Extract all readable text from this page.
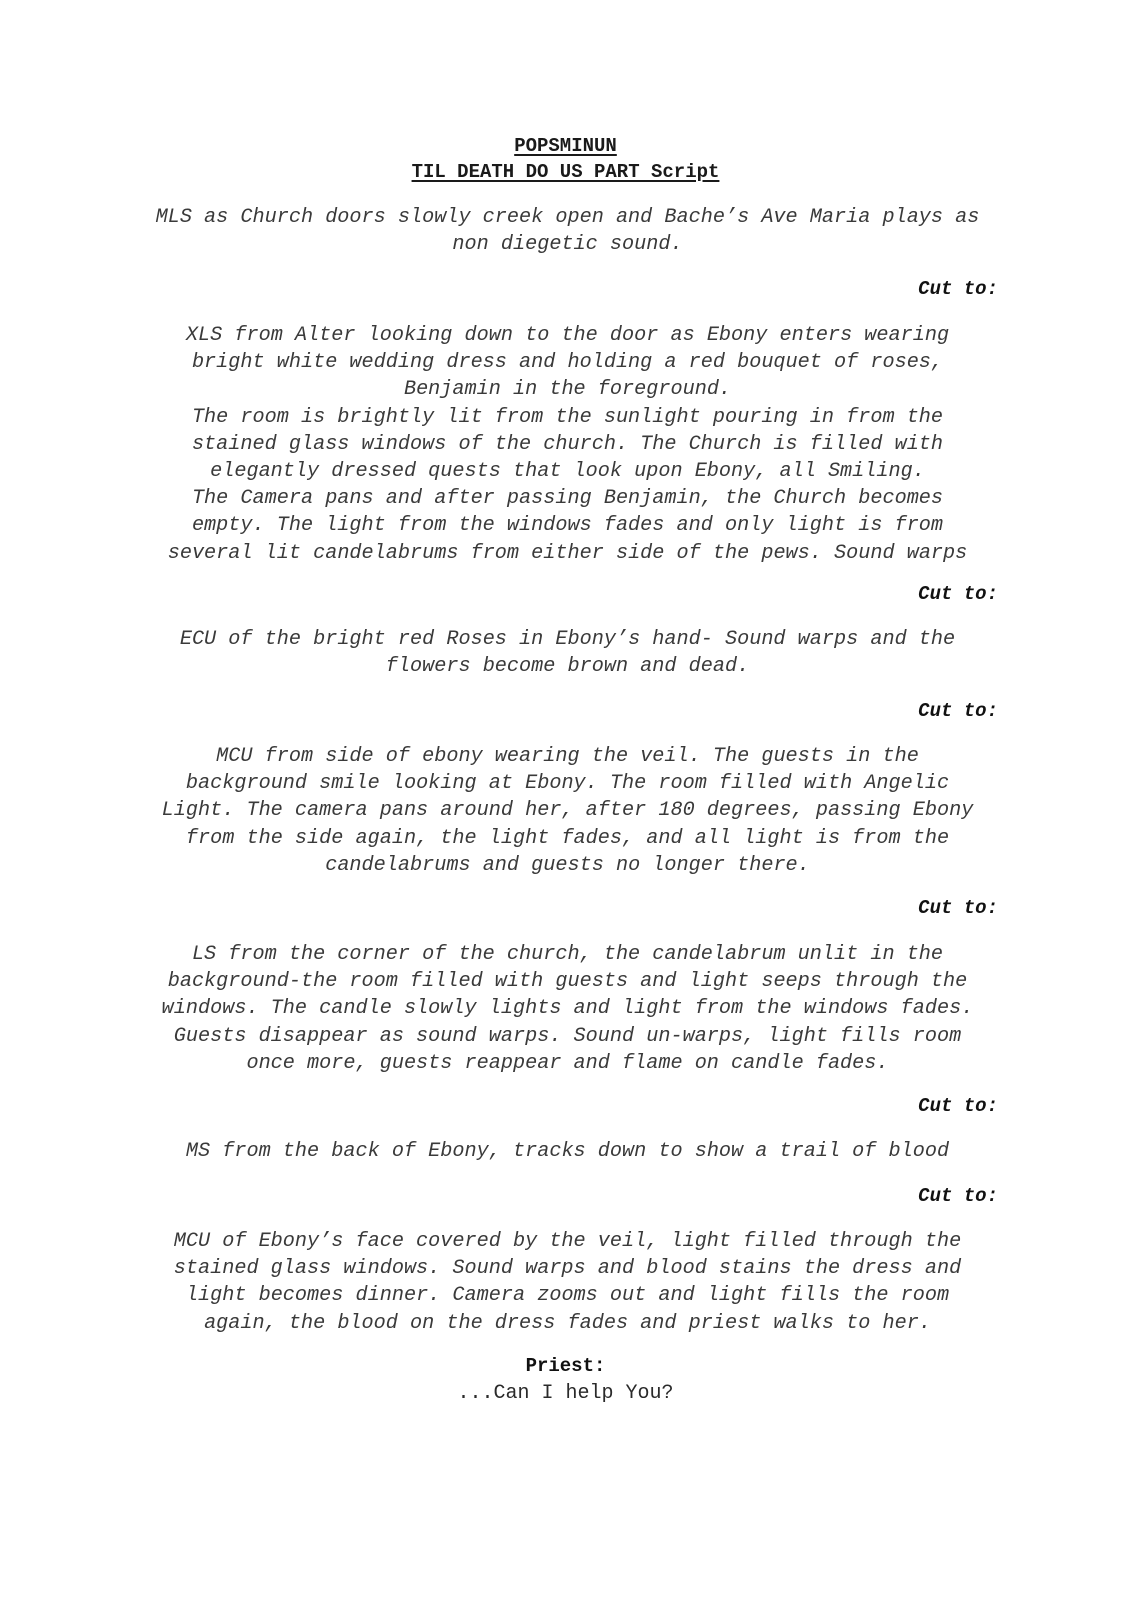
POPSMINUN

TIL DEATH DO US PART Script

MLS as Church doors slowly creek open and Bache’s Ave Maria plays as
non diegetic sound.

Cut to:

XLS from Alter looking down to the door as Ebony enters wearing
bright white wedding dress and holding a red bouquet of roses,
Benjamin in the foreground.
The room is brightly lit from the sunlight pouring in from the
stained glass windows of the church. The Church is filled with
elegantly dressed quests that look upon Ebony, all Smiling.
The Camera pans and after passing Benjamin, the Church becomes
empty. The light from the windows fades and only light is from
several lit candelabrums from either side of the pews. Sound warps

Cut to:

ECU of the bright red Roses in Ebony’s hand- Sound warps and the
flowers become brown and dead.

Cut to:

MCU from side of ebony wearing the veil. The guests in the
background smile looking at Ebony. The room filled with Angelic
Light. The camera pans around her, after 180 degrees, passing Ebony
from the side again, the light fades, and all light is from the
candelabrums and guests no longer there.

Cut to:

LS from the corner of the church, the candelabrum unlit in the
background-the room filled with guests and light seeps through the
windows. The candle slowly lights and light from the windows fades.
Guests disappear as sound warps. Sound un-warps, light fills room
once more, guests reappear and flame on candle fades.

Cut to:

MS from the back of Ebony, tracks down to show a trail of blood

Cut to:

MCU of Ebony’s face covered by the veil, light filled through the
stained glass windows. Sound warps and blood stains the dress and
light becomes dinner. Camera zooms out and light fills the room
again, the blood on the dress fades and priest walks to her.

Priest:

...Can I help You?
